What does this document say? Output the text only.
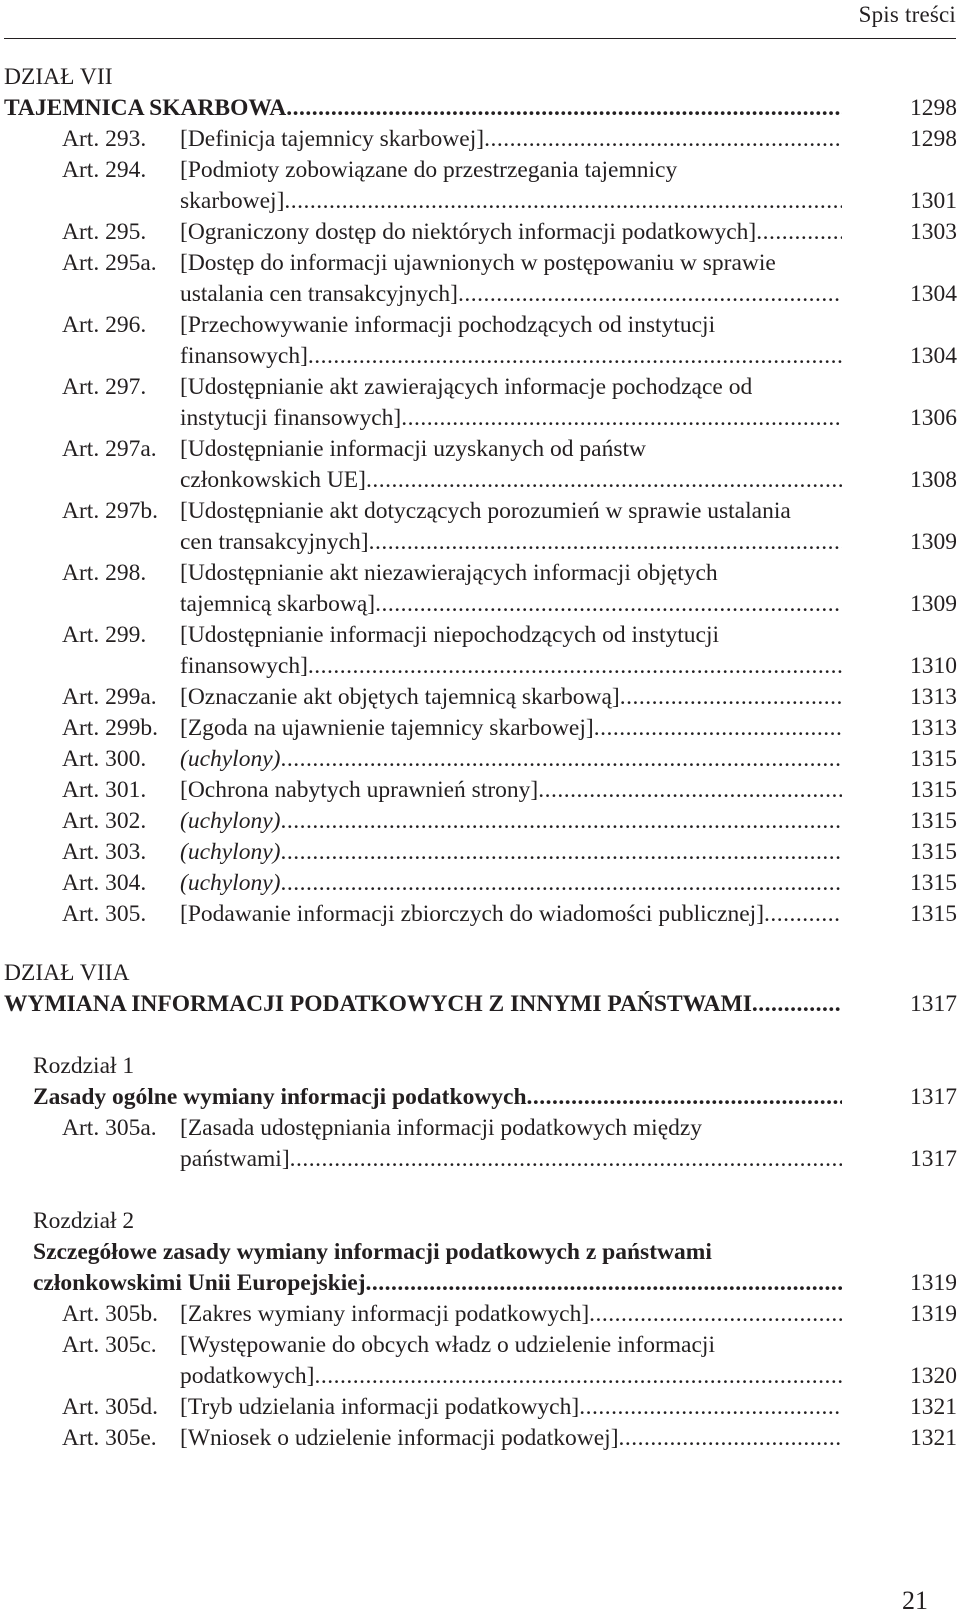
Spis treści
DZIAŁ VII
TAJEMNICA SKARBOWA .....	1298
Art. 293. [Definicja tajemnicy skarbowej] .....	1298
Art. 294. [Podmioty zobowiązane do przestrzegania tajemnicy
skarbowej] .....	1301
Art. 295. [Ograniczony dostęp do niektórych informacji podatkowych] .....	1303
Art. 295a. [Dostęp do informacji ujawnionych w postępowaniu w sprawie
ustalania cen transakcyjnych] .....	1304
Art. 296. [Przechowywanie informacji pochodzących od instytucji
finansowych] .....	1304
Art. 297. [Udostępnianie akt zawierających informacje pochodzące od
instytucji finansowych] .....	1306
Art. 297a. [Udostępnianie informacji uzyskanych od państw
członkowskich UE] .....	1308
Art. 297b. [Udostępnianie akt dotyczących porozumień w sprawie ustalania
cen transakcyjnych] .....	1309
Art. 298. [Udostępnianie akt niezawierających informacji objętych
tajemnicą skarbową] .....	1309
Art. 299. [Udostępnianie informacji niepochodzących od instytucji
finansowych] .....	1310
Art. 299a. [Oznaczanie akt objętych tajemnicą skarbową] .....	1313
Art. 299b. [Zgoda na ujawnienie tajemnicy skarbowej] .....	1313
Art. 300. (uchylony) .....	1315
Art. 301. [Ochrona nabytych uprawnień strony] .....	1315
Art. 302. (uchylony) .....	1315
Art. 303. (uchylony) .....	1315
Art. 304. (uchylony) .....	1315
Art. 305. [Podawanie informacji zbiorczych do wiadomości publicznej] .....	1315
DZIAŁ VIIA
WYMIANA INFORMACJI PODATKOWYCH Z INNYMI PAŃSTWAMI .....	1317
Rozdział 1
Zasady ogólne wymiany informacji podatkowych .....	1317
Art. 305a. [Zasada udostępniania informacji podatkowych między
państwami] .....	1317
Rozdział 2
Szczegółowe zasady wymiany informacji podatkowych z państwami
członkowskimi Unii Europejskiej .....	1319
Art. 305b. [Zakres wymiany informacji podatkowych] .....	1319
Art. 305c. [Występowanie do obcych władz o udzielenie informacji
podatkowych] .....	1320
Art. 305d. [Tryb udzielania informacji podatkowych] .....	1321
Art. 305e. [Wniosek o udzielenie informacji podatkowej] .....	1321
21
